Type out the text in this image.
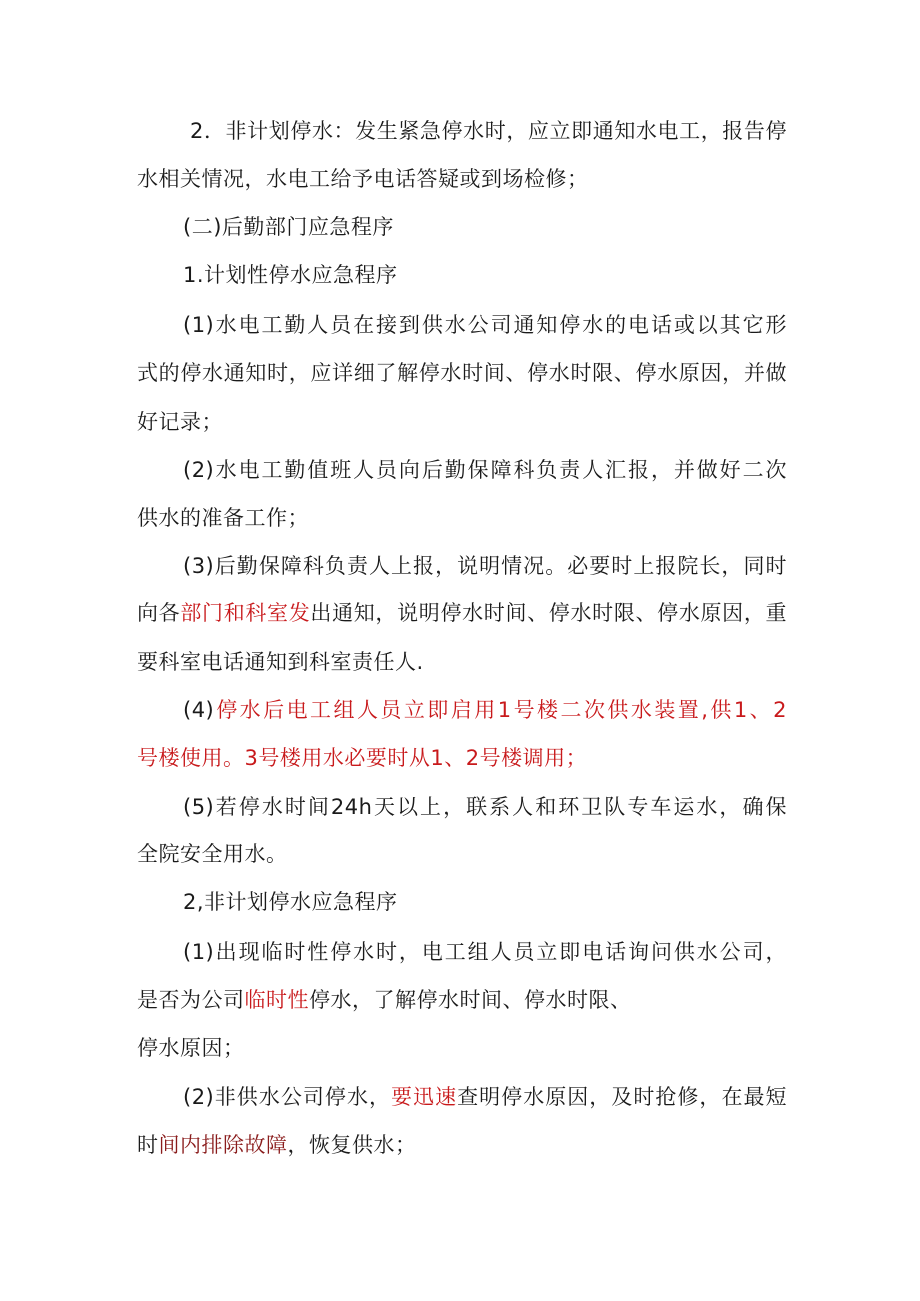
2．非计划停水：发生紧急停水时，应立即通知水电工，报告停
水相关情况，水电工给予电话答疑或到场检修；
(二)后勤部门应急程序
1.计划性停水应急程序
(1)水电工勤人员在接到供水公司通知停水的电话或以其它形
式的停水通知时，应详细了解停水时间、停水时限、停水原因，并做
好记录；
(2)水电工勤值班人员向后勤保障科负责人汇报，并做好二次
供水的准备工作；
(3)后勤保障科负责人上报，说明情况。必要时上报院长，同时
向各部门和科室发出通知，说明停水时间、停水时限、停水原因，重
要科室电话通知到科室责任人.
(4)停水后电工组人员立即启用1号楼二次供水装置,供1、2
号楼使用。3号楼用水必要时从1、2号楼调用；
(5)若停水时间24h天以上，联系人和环卫队专车运水，确保
全院安全用水。
2,非计划停水应急程序
(1)出现临时性停水时，电工组人员立即电话询问供水公司，
是否为公司临时性停水，了解停水时间、停水时限、
停水原因；
(2)非供水公司停水，要迅速查明停水原因，及时抢修，在最短
时间内排除故障，恢复供水；
